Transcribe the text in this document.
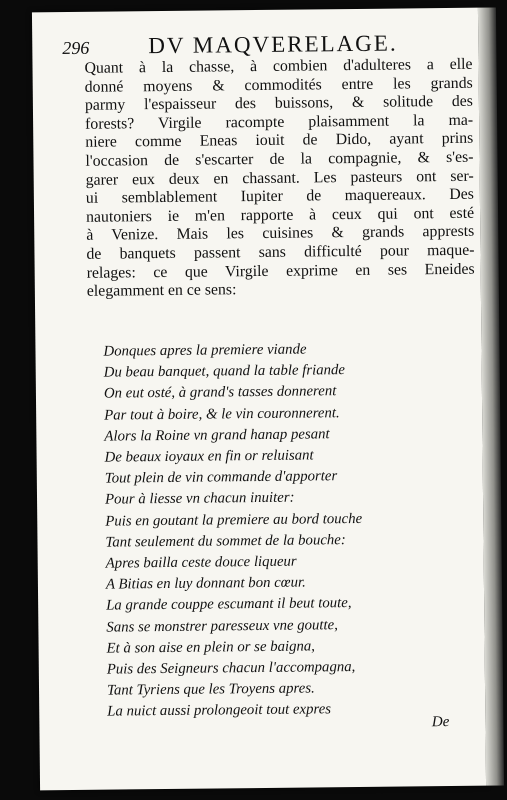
296	DV MAQVERELAGE.
Quant à la chasse, à combien d'adulteres a elle
donné moyens & commodités entre les grands
parmy l'espaisseur des buissons, & solitude des
forests? Virgile racompte plaisamment la ma-
niere comme Eneas iouit de Dido, ayant prins
l'occasion de s'escarter de la compagnie, & s'es-
garer eux deux en chassant. Les pasteurs ont ser-
ui semblablement Iupiter de maquereaux. Des
nautoniers ie m'en rapporte à ceux qui ont esté
à Venize. Mais les cuisines & grands apprests
de banquets passent sans difficulté pour maque-
relages: ce que Virgile exprime en ses Eneides
elegamment en ce sens:
Donques apres la premiere viande
Du beau banquet, quand la table friande
On eut osté, à grand's tasses donnerent
Par tout à boire, & le vin couronnerent.
Alors la Roine vn grand hanap pesant
De beaux ioyaux en fin or reluisant
Tout plein de vin commande d'apporter
Pour à liesse vn chacun inuiter:
Puis en goutant la premiere au bord touche
Tant seulement du sommet de la bouche:
Apres bailla ceste douce liqueur
A Bitias en luy donnant bon cœur.
La grande couppe escumant il beut toute,
Sans se monstrer paresseux vne goutte,
Et à son aise en plein or se baigna,
Puis des Seigneurs chacun l'accompagna,
Tant Tyriens que les Troyens apres.
La nuict aussi prolongeoit tout expres
De
